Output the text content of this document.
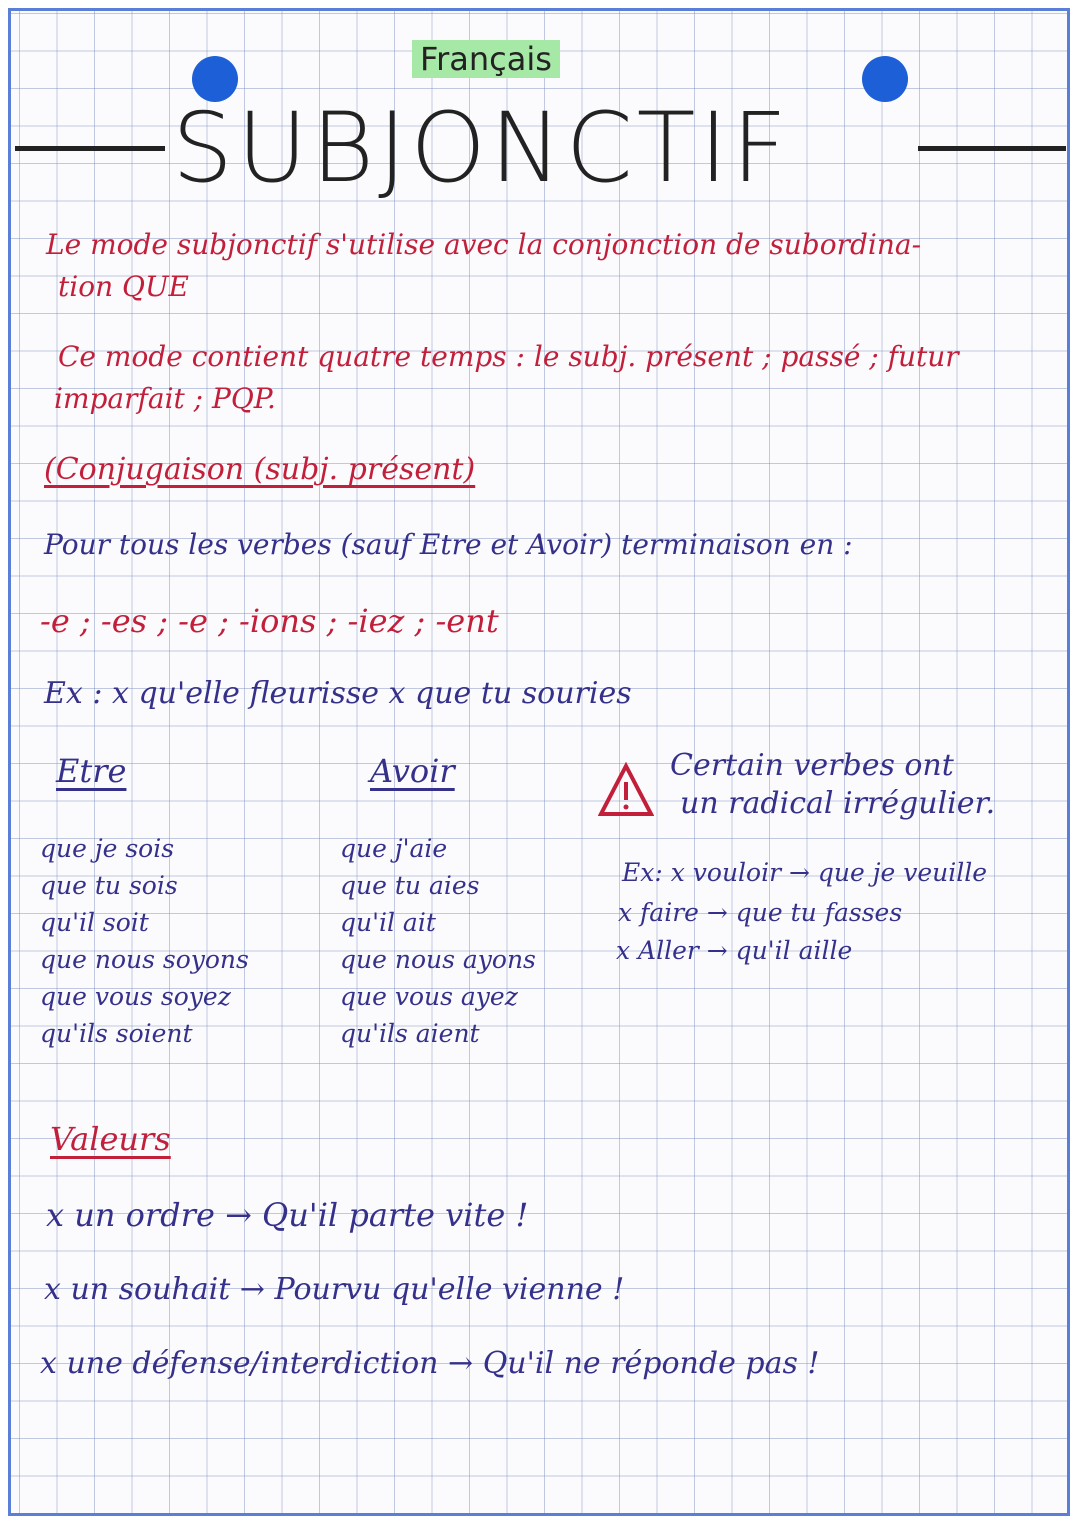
Français
SUBJONCTIF
Le mode subjonctif s'utilise avec la conjonction de subordina-
tion QUE
Ce mode contient quatre temps : le subj. présent ; passé ; futur
imparfait ; PQP.
(Conjugaison (subj. présent)
Pour tous les verbes (sauf Etre et Avoir) terminaison en :
-e ; -es ; -e ; -ions ; -iez ; -ent
Ex : x qu'elle fleurisse x que tu souries
Etre	Avoir
que je sois
que tu sois
qu'il soit
que nous soyons
que vous soyez
qu'ils soient
que j'aie
que tu aies
qu'il ait
que nous ayons
que vous ayez
qu'ils aient
Certain verbes ont
un radical irrégulier.
Ex: x vouloir → que je veuille
x faire → que tu fasses
x Aller → qu'il aille
Valeurs
x un ordre → Qu'il parte vite !
x un souhait → Pourvu qu'elle vienne !
x une défense/interdiction → Qu'il ne réponde pas !
